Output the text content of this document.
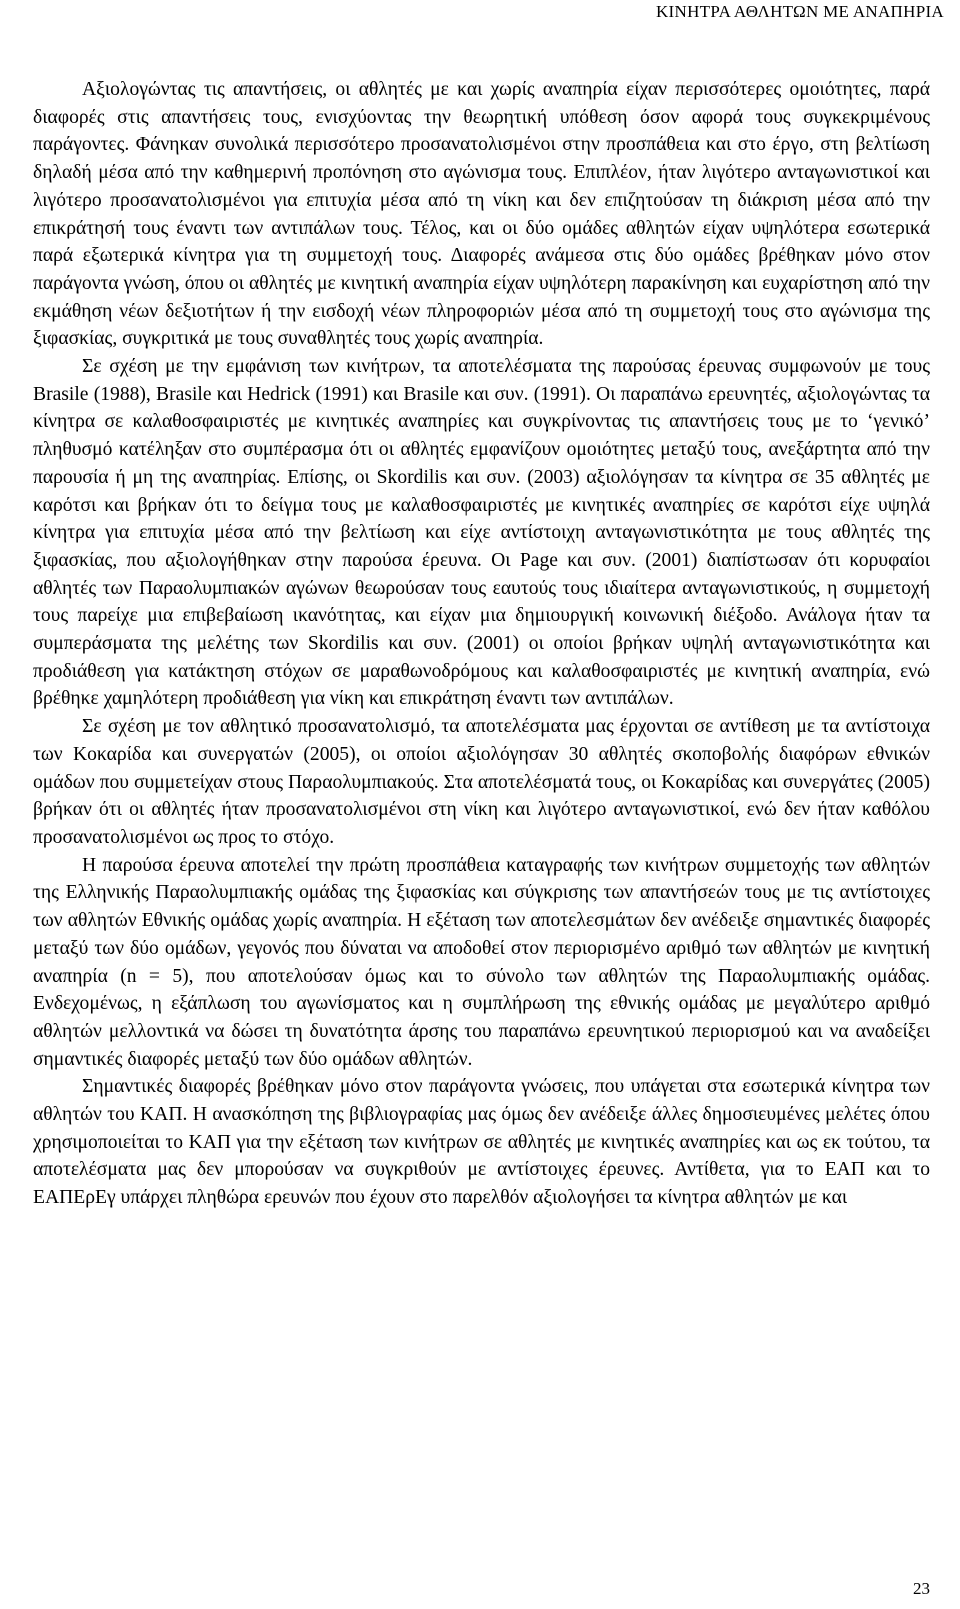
ΚΙΝΗΤΡΑ ΑΘΛΗΤΩΝ ΜΕ ΑΝΑΠΗΡΙΑ

Αξιολογώντας τις απαντήσεις, οι αθλητές με και χωρίς αναπηρία είχαν περισσότερες ομοιότητες, παρά διαφορές στις απαντήσεις τους, ενισχύοντας την θεωρητική υπόθεση όσον αφορά τους συγκεκριμένους παράγοντες. Φάνηκαν συνολικά περισσότερο προσανατολισμένοι στην προσπάθεια και στο έργο, στη βελτίωση δηλαδή μέσα από την καθημερινή προπόνηση στο αγώνισμα τους. Επιπλέον, ήταν λιγότερο ανταγωνιστικοί και λιγότερο προσανατολισμένοι για επιτυχία μέσα από τη νίκη και δεν επιζητούσαν τη διάκριση μέσα από την επικράτησή τους έναντι των αντιπάλων τους. Τέλος, και οι δύο ομάδες αθλητών είχαν υψηλότερα εσωτερικά παρά εξωτερικά κίνητρα για τη συμμετοχή τους. Διαφορές ανάμεσα στις δύο ομάδες βρέθηκαν μόνο στον παράγοντα γνώση, όπου οι αθλητές με κινητική αναπηρία είχαν υψηλότερη παρακίνηση και ευχαρίστηση από την εκμάθηση νέων δεξιοτήτων ή την εισδοχή νέων πληροφοριών μέσα από τη συμμετοχή τους στο αγώνισμα της ξιφασκίας, συγκριτικά με τους συναθλητές τους χωρίς αναπηρία.

Σε σχέση με την εμφάνιση των κινήτρων, τα αποτελέσματα της παρούσας έρευνας συμφωνούν με τους Brasile (1988), Brasile και Hedrick (1991) και Brasile και συν. (1991). Οι παραπάνω ερευνητές, αξιολογώντας τα κίνητρα σε καλαθοσφαιριστές με κινητικές αναπηρίες και συγκρίνοντας τις απαντήσεις τους με το ‘γενικό’ πληθυσμό κατέληξαν στο συμπέρασμα ότι οι αθλητές εμφανίζουν ομοιότητες μεταξύ τους, ανεξάρτητα από την παρουσία ή μη της αναπηρίας. Επίσης, οι Skordilis και συν. (2003) αξιολόγησαν τα κίνητρα σε 35 αθλητές με καρότσι και βρήκαν ότι το δείγμα τους με καλαθοσφαιριστές με κινητικές αναπηρίες σε καρότσι είχε υψηλά κίνητρα για επιτυχία μέσα από την βελτίωση και είχε αντίστοιχη ανταγωνιστικότητα με τους αθλητές της ξιφασκίας, που αξιολογήθηκαν στην παρούσα έρευνα. Οι Page και συν. (2001) διαπίστωσαν ότι κορυφαίοι αθλητές των Παραολυμπιακών αγώνων θεωρούσαν τους εαυτούς τους ιδιαίτερα ανταγωνιστικούς, η συμμετοχή τους παρείχε μια επιβεβαίωση ικανότητας, και είχαν μια δημιουργική κοινωνική διέξοδο. Ανάλογα ήταν τα συμπεράσματα της μελέτης των Skordilis και συν. (2001) οι οποίοι βρήκαν υψηλή ανταγωνιστικότητα και προδιάθεση για κατάκτηση στόχων σε μαραθωνοδρόμους και καλαθοσφαιριστές με κινητική αναπηρία, ενώ βρέθηκε χαμηλότερη προδιάθεση για νίκη και επικράτηση έναντι των αντιπάλων.

Σε σχέση με τον αθλητικό προσανατολισμό, τα αποτελέσματα μας έρχονται σε αντίθεση με τα αντίστοιχα των Κοκαρίδα και συνεργατών (2005), οι οποίοι αξιολόγησαν 30 αθλητές σκοποβολής διαφόρων εθνικών ομάδων που συμμετείχαν στους Παραολυμπιακούς. Στα αποτελέσματά τους, οι Κοκαρίδας και συνεργάτες (2005) βρήκαν ότι οι αθλητές ήταν προσανατολισμένοι στη νίκη και λιγότερο ανταγωνιστικοί, ενώ δεν ήταν καθόλου προσανατολισμένοι ως προς το στόχο.

Η παρούσα έρευνα αποτελεί την πρώτη προσπάθεια καταγραφής των κινήτρων συμμετοχής των αθλητών της Ελληνικής Παραολυμπιακής ομάδας της ξιφασκίας και σύγκρισης των απαντήσεών τους με τις αντίστοιχες των αθλητών Εθνικής ομάδας χωρίς αναπηρία. Η εξέταση των αποτελεσμάτων δεν ανέδειξε σημαντικές διαφορές μεταξύ των δύο ομάδων, γεγονός που δύναται να αποδοθεί στον περιορισμένο αριθμό των αθλητών με κινητική αναπηρία (n = 5), που αποτελούσαν όμως και το σύνολο των αθλητών της Παραολυμπιακής ομάδας. Ενδεχομένως, η εξάπλωση του αγωνίσματος και η συμπλήρωση της εθνικής ομάδας με μεγαλύτερο αριθμό αθλητών μελλοντικά να δώσει τη δυνατότητα άρσης του παραπάνω ερευνητικού περιορισμού και να αναδείξει σημαντικές διαφορές μεταξύ των δύο ομάδων αθλητών.

Σημαντικές διαφορές βρέθηκαν μόνο στον παράγοντα γνώσεις, που υπάγεται στα εσωτερικά κίνητρα των αθλητών του ΚΑΠ. Η ανασκόπηση της βιβλιογραφίας μας όμως δεν ανέδειξε άλλες δημοσιευμένες μελέτες όπου χρησιμοποιείται το ΚΑΠ για την εξέταση των κινήτρων σε αθλητές με κινητικές αναπηρίες και ως εκ τούτου, τα αποτελέσματα μας δεν μπορούσαν να συγκριθούν με αντίστοιχες έρευνες. Αντίθετα, για το ΕΑΠ και το ΕΑΠΕρΕγ υπάρχει πληθώρα ερευνών που έχουν στο παρελθόν αξιολογήσει τα κίνητρα αθλητών με και

23
